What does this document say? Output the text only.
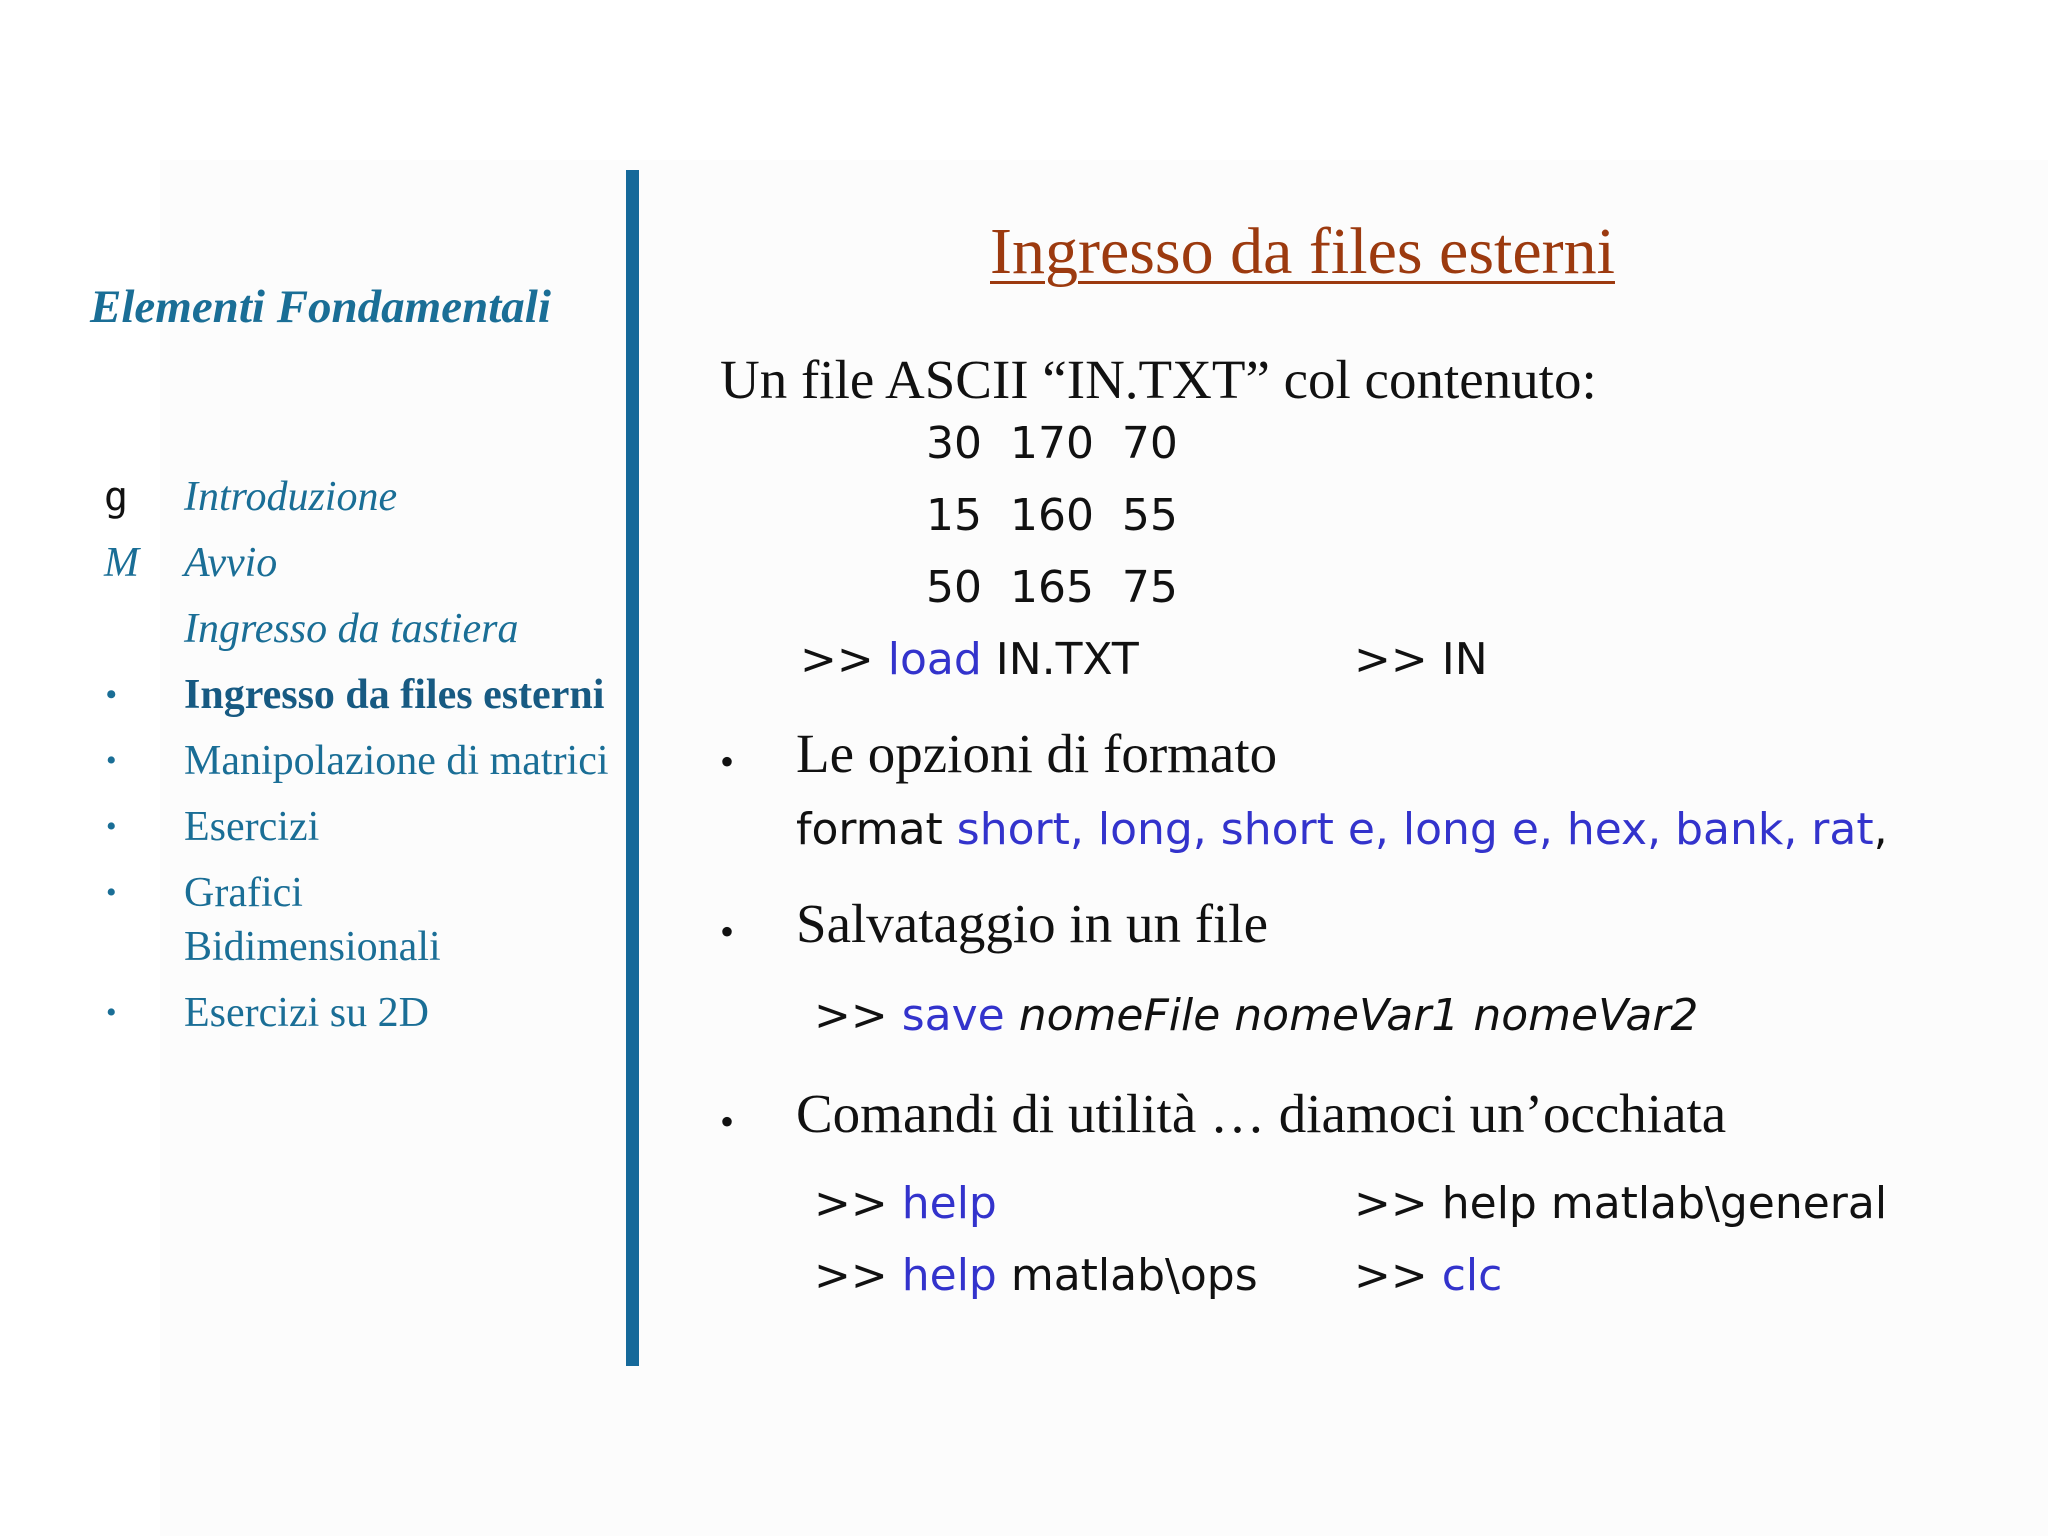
Elementi Fondamentali
g	Introduzione
M	Avvio
Ingresso da tastiera
•	Ingresso da files esterni
•	Manipolazione di matrici
•	Esercizi
•	Grafici Bidimensionali
•	Esercizi su 2D
Ingresso da files esterni
Un file ASCII “IN.TXT” col contenuto:
30  170  70
15  160  55
50  165  75
>> load IN.TXT	>> IN
• Le opzioni di formato
format short, long, short e, long e, hex, bank, rat,
• Salvataggio in un file
>> save nomeFile nomeVar1 nomeVar2
• Comandi di utilità … diamoci un’occhiata
>> help	>> help matlab\general
>> help matlab\ops >> clc
